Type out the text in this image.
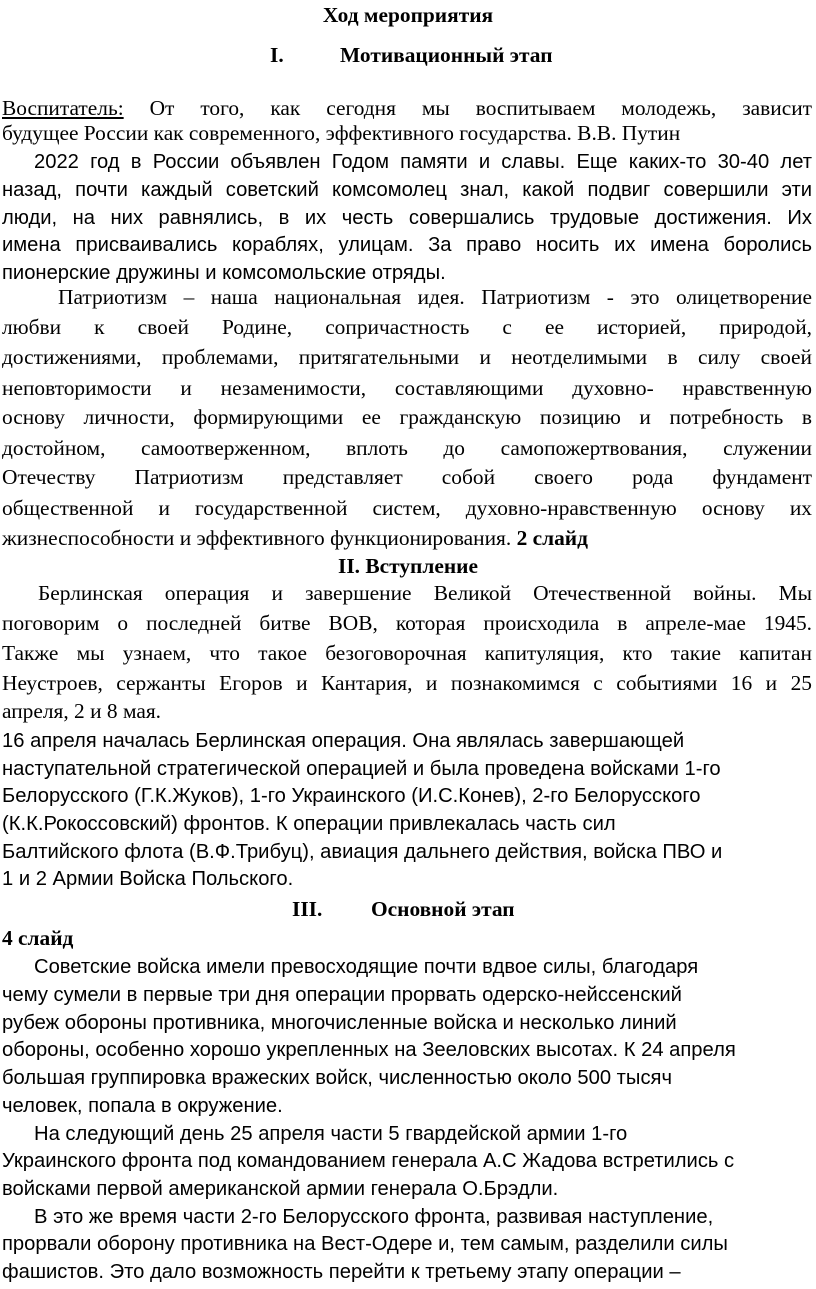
Ход мероприятия
I.	Мотивационный этап
Воспитатель: От того, как сегодня мы воспитываем молодежь, зависит
будущее России как современного, эффективного государства. В.В. Путин
2022 год в России объявлен Годом памяти и славы. Еще каких-то 30-40 лет
назад, почти каждый советский комсомолец знал, какой подвиг совершили эти
люди, на них равнялись, в их честь совершались трудовые достижения. Их
имена присваивались кораблях, улицам. За право носить их имена боролись
пионерские дружины и комсомольские отряды.
Патриотизм – наша национальная идея. Патриотизм - это олицетворение
любви к своей Родине, сопричастность с ее историей, природой,
достижениями, проблемами, притягательными и неотделимыми в силу своей
неповторимости и незаменимости, составляющими духовно- нравственную
основу личности, формирующими ее гражданскую позицию и потребность в
достойном, самоотверженном, вплоть до самопожертвования, служении
Отечеству Патриотизм представляет собой своего рода фундамент
общественной и государственной систем, духовно-нравственную основу их
жизнеспособности и эффективного функционирования. 2 слайд
II. Вступление
Берлинская операция и завершение Великой Отечественной войны. Мы
поговорим о последней битве ВОВ, которая происходила в апреле-мае 1945.
Также мы узнаем, что такое безоговорочная капитуляция, кто такие капитан
Неустроев, сержанты Егоров и Кантария, и познакомимся с событиями 16 и 25
апреля, 2 и 8 мая.
16 апреля началась Берлинская операция. Она являлась завершающей
наступательной стратегической операцией и была проведена войсками 1-го
Белорусского (Г.К.Жуков), 1-го Украинского (И.С.Конев), 2-го Белорусского
(К.К.Рокоссовский) фронтов. К операции привлекалась часть сил
Балтийского флота (В.Ф.Трибуц), авиация дальнего действия, войска ПВО и
1 и 2 Армии Войска Польского.
III. Основной этап
4 слайд
Советские войска имели превосходящие почти вдвое силы, благодаря
чему сумели в первые три дня операции прорвать одерско-нейссенский
рубеж обороны противника, многочисленные войска и несколько линий
обороны, особенно хорошо укрепленных на Зееловских высотах. К 24 апреля
большая группировка вражеских войск, численностью около 500 тысяч
человек, попала в окружение.
На следующий день 25 апреля части 5 гвардейской армии 1-го
Украинского фронта под командованием генерала А.С Жадова встретились с
войсками первой американской армии генерала О.Брэдли.
В это же время части 2-го Белорусского фронта, развивая наступление,
прорвали оборону противника на Вест-Одере и, тем самым, разделили силы
фашистов. Это дало возможность перейти к третьему этапу операции –
